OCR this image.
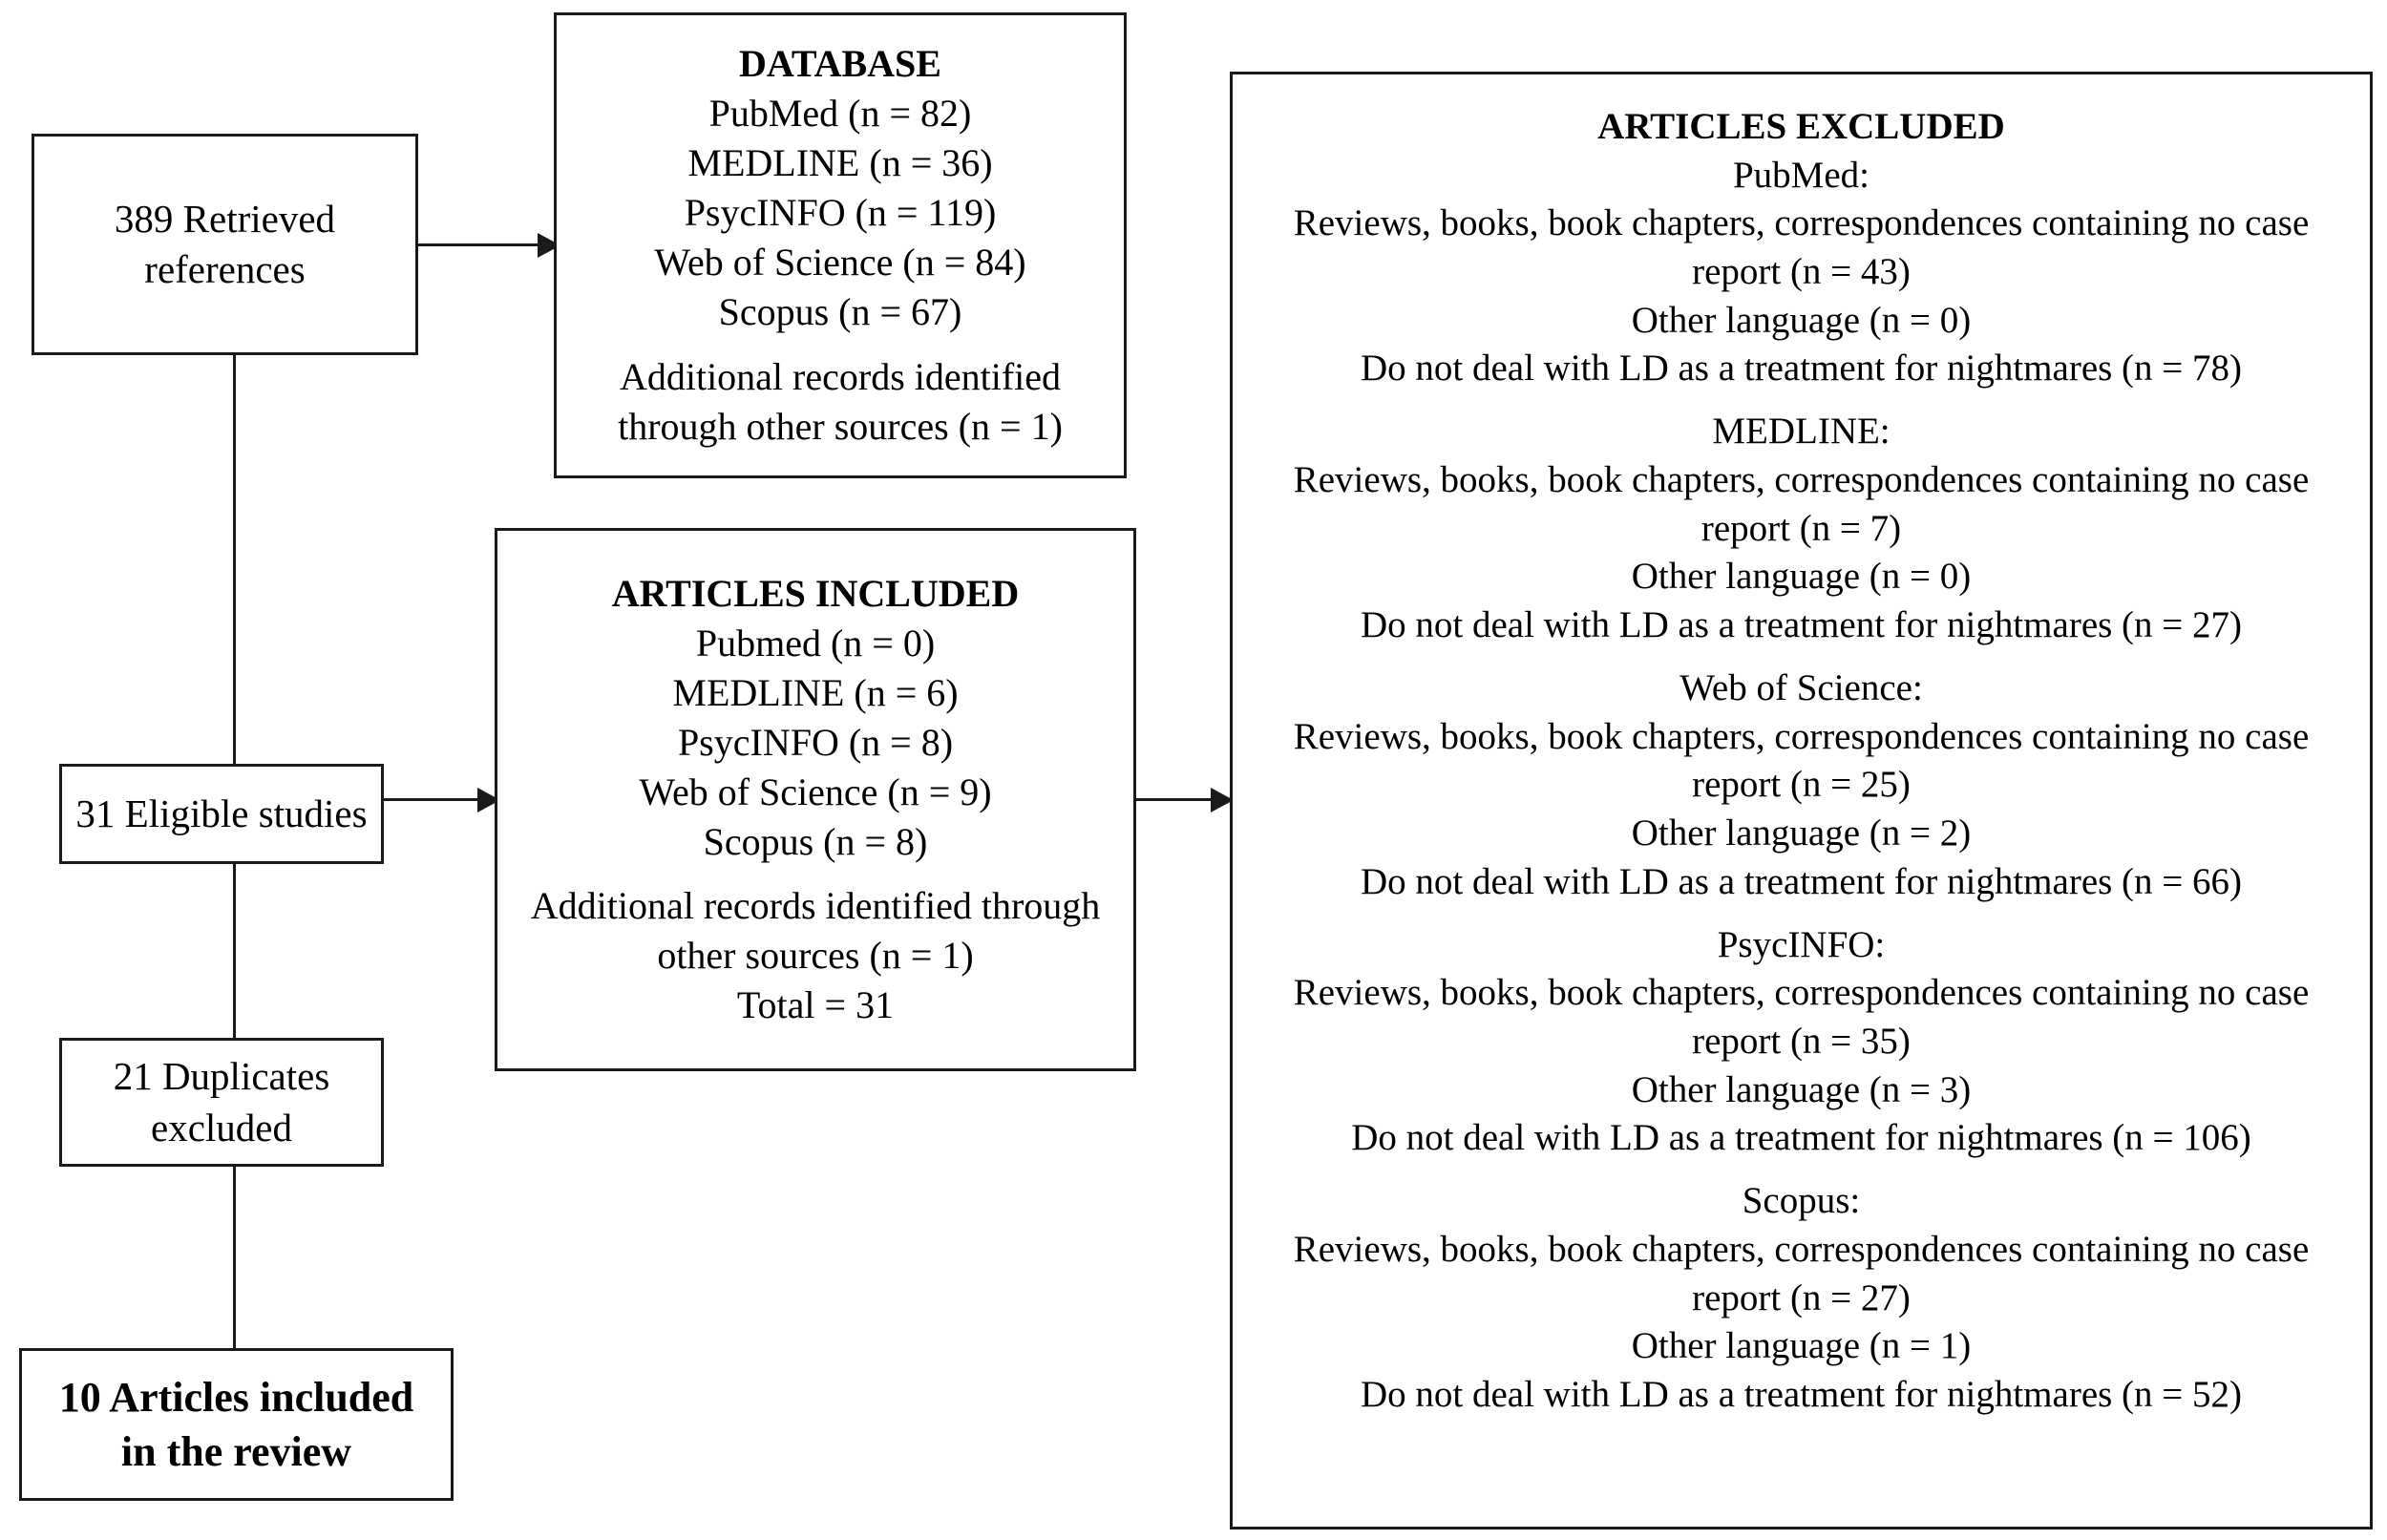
389 Retrieved
references
DATABASE
PubMed (n = 82)
MEDLINE (n = 36)
PsycINFO (n = 119)
Web of Science (n = 84)
Scopus (n = 67)
Additional records identified
through other sources (n = 1)
31 Eligible studies
21 Duplicates
excluded
10 Articles included
in the review
ARTICLES INCLUDED
Pubmed (n = 0)
MEDLINE (n = 6)
PsycINFO (n = 8)
Web of Science (n = 9)
Scopus (n = 8)
Additional records identified through
other sources (n = 1)
Total = 31
ARTICLES EXCLUDED
PubMed:
Reviews, books, book chapters, correspondences containing no case
report (n = 43)
Other language (n = 0)
Do not deal with LD as a treatment for nightmares (n = 78)
MEDLINE:
Reviews, books, book chapters, correspondences containing no case
report (n = 7)
Other language (n = 0)
Do not deal with LD as a treatment for nightmares (n = 27)
Web of Science:
Reviews, books, book chapters, correspondences containing no case
report (n = 25)
Other language (n = 2)
Do not deal with LD as a treatment for nightmares (n = 66)
PsycINFO:
Reviews, books, book chapters, correspondences containing no case
report (n = 35)
Other language (n = 3)
Do not deal with LD as a treatment for nightmares (n = 106)
Scopus:
Reviews, books, book chapters, correspondences containing no case
report (n = 27)
Other language (n = 1)
Do not deal with LD as a treatment for nightmares (n = 52)
